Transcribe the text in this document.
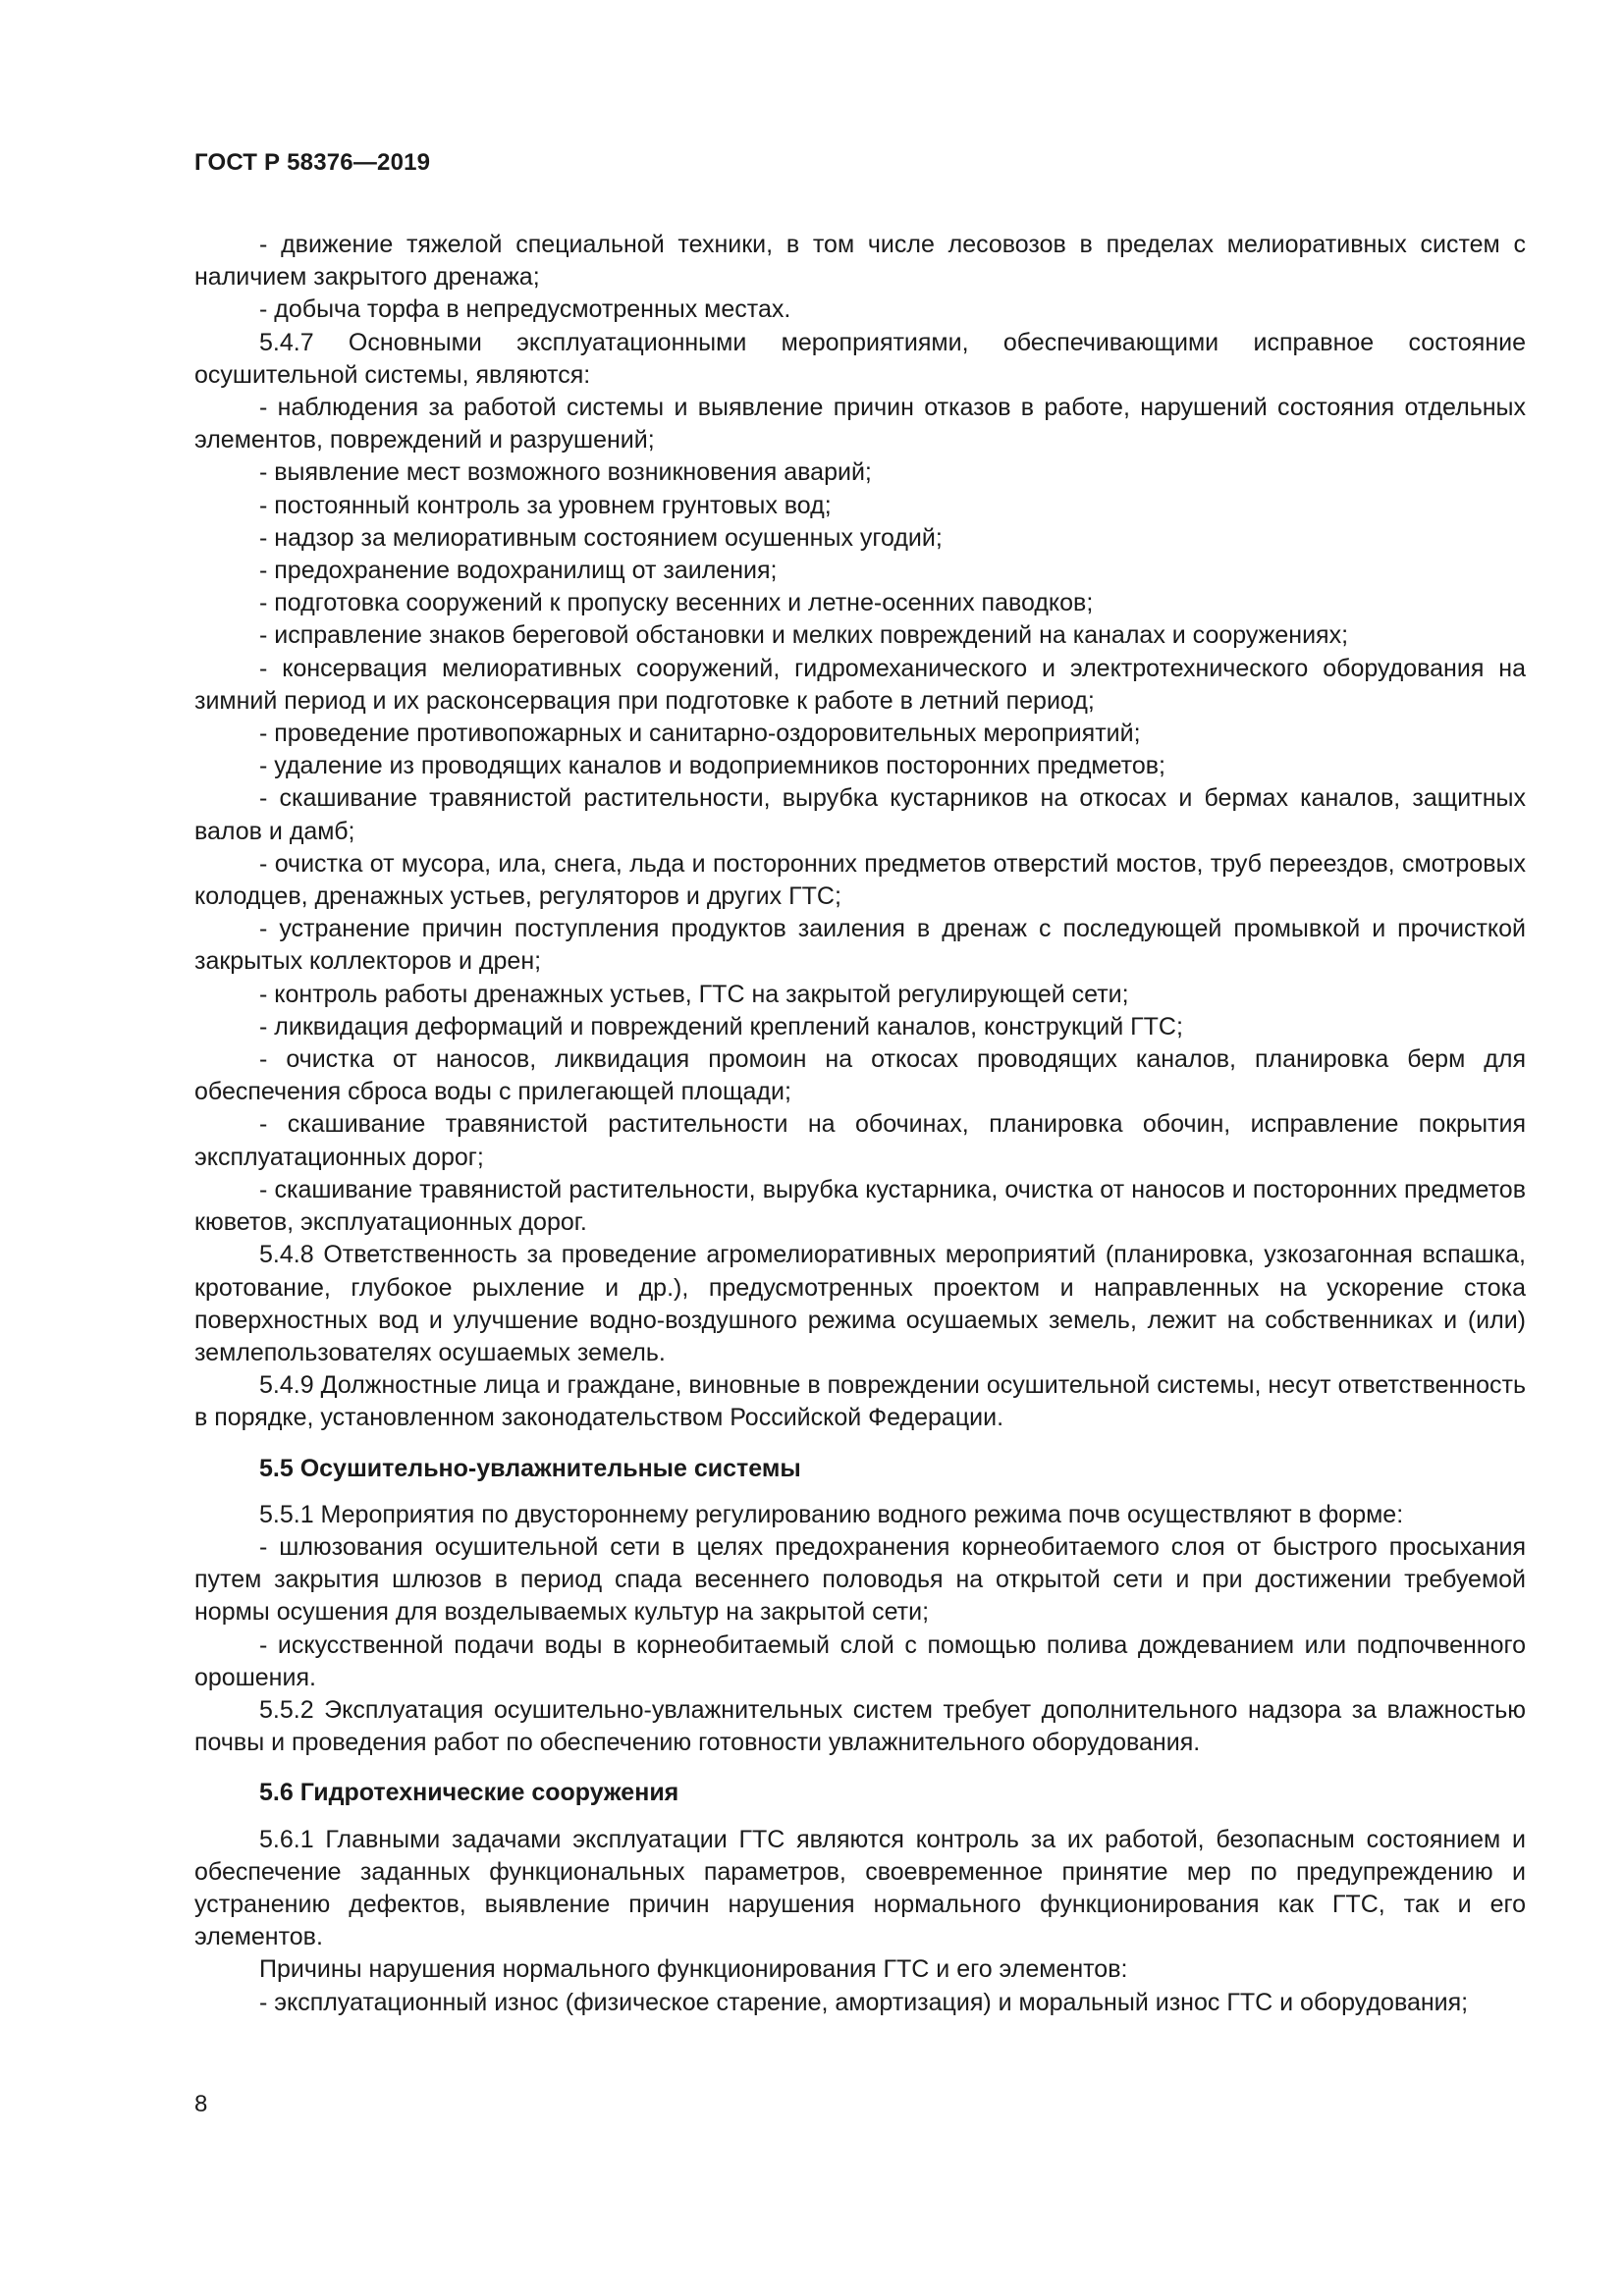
ГОСТ Р 58376—2019

- движение тяжелой специальной техники, в том числе лесовозов в пределах мелиоративных систем с наличием закрытого дренажа;

- добыча торфа в непредусмотренных местах.

5.4.7 Основными эксплуатационными мероприятиями, обеспечивающими исправное состояние осушительной системы, являются:

- наблюдения за работой системы и выявление причин отказов в работе, нарушений состояния отдельных элементов, повреждений и разрушений;

- выявление мест возможного возникновения аварий;

- постоянный контроль за уровнем грунтовых вод;

- надзор за мелиоративным состоянием осушенных угодий;

- предохранение водохранилищ от заиления;

- подготовка сооружений к пропуску весенних и летне-осенних паводков;

- исправление знаков береговой обстановки и мелких повреждений на каналах и сооружениях;

- консервация мелиоративных сооружений, гидромеханического и электротехнического оборудования на зимний период и их расконсервация при подготовке к работе в летний период;

- проведение противопожарных и санитарно-оздоровительных мероприятий;

- удаление из проводящих каналов и водоприемников посторонних предметов;

- скашивание травянистой растительности, вырубка кустарников на откосах и бермах каналов, защитных валов и дамб;

- очистка от мусора, ила, снега, льда и посторонних предметов отверстий мостов, труб переездов, смотровых колодцев, дренажных устьев, регуляторов и других ГТС;

- устранение причин поступления продуктов заиления в дренаж с последующей промывкой и прочисткой закрытых коллекторов и дрен;

- контроль работы дренажных устьев, ГТС на закрытой регулирующей сети;

- ликвидация деформаций и повреждений креплений каналов, конструкций ГТС;

- очистка от наносов, ликвидация промоин на откосах проводящих каналов, планировка берм для обеспечения сброса воды с прилегающей площади;

- скашивание травянистой растительности на обочинах, планировка обочин, исправление покрытия эксплуатационных дорог;

- скашивание травянистой растительности, вырубка кустарника, очистка от наносов и посторонних предметов кюветов, эксплуатационных дорог.

5.4.8 Ответственность за проведение агромелиоративных мероприятий (планировка, узкозагонная вспашка, кротование, глубокое рыхление и др.), предусмотренных проектом и направленных на ускорение стока поверхностных вод и улучшение водно-воздушного режима осушаемых земель, лежит на собственниках и (или) землепользователях осушаемых земель.

5.4.9 Должностные лица и граждане, виновные в повреждении осушительной системы, несут ответственность в порядке, установленном законодательством Российской Федерации.

5.5 Осушительно-увлажнительные системы

5.5.1 Мероприятия по двустороннему регулированию водного режима почв осуществляют в форме:

- шлюзования осушительной сети в целях предохранения корнеобитаемого слоя от быстрого просыхания путем закрытия шлюзов в период спада весеннего половодья на открытой сети и при достижении требуемой нормы осушения для возделываемых культур на закрытой сети;

- искусственной подачи воды в корнеобитаемый слой с помощью полива дождеванием или подпочвенного орошения.

5.5.2 Эксплуатация осушительно-увлажнительных систем требует дополнительного надзора за влажностью почвы и проведения работ по обеспечению готовности увлажнительного оборудования.

5.6 Гидротехнические сооружения

5.6.1 Главными задачами эксплуатации ГТС являются контроль за их работой, безопасным состоянием и обеспечение заданных функциональных параметров, своевременное принятие мер по предупреждению и устранению дефектов, выявление причин нарушения нормального функционирования как ГТС, так и его элементов.

Причины нарушения нормального функционирования ГТС и его элементов:

- эксплуатационный износ (физическое старение, амортизация) и моральный износ ГТС и оборудования;

8
